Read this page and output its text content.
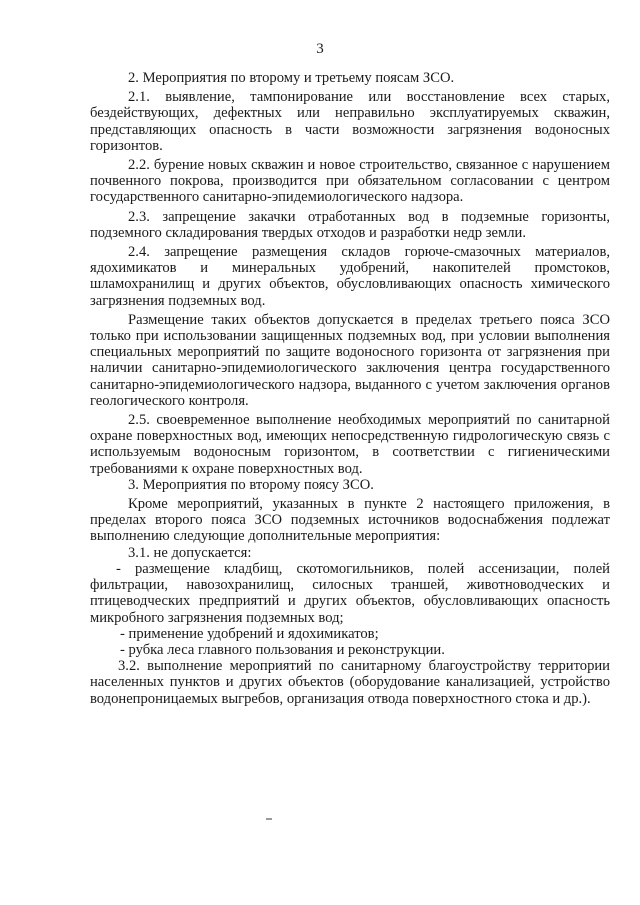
3

2. Мероприятия по второму и третьему поясам ЗСО.

2.1. выявление, тампонирование или восстановление всех старых, бездействующих, дефектных или неправильно эксплуатируемых скважин, представляющих опасность в части возможности загрязнения водоносных горизонтов.

2.2. бурение новых скважин и новое строительство, связанное с нарушением почвенного покрова, производится при обязательном согласовании с центром государственного санитарно-эпидемиологического надзора.

2.3. запрещение закачки отработанных вод в подземные горизонты, подземного складирования твердых отходов и разработки недр земли.

2.4. запрещение размещения складов горюче-смазочных материалов, ядохимикатов и минеральных удобрений, накопителей промстоков, шламохранилищ и других объектов, обусловливающих опасность химического загрязнения подземных вод.

Размещение таких объектов допускается в пределах третьего пояса ЗСО только при использовании защищенных подземных вод, при условии выполнения специальных мероприятий по защите водоносного горизонта от загрязнения при наличии санитарно-эпидемиологического заключения центра государственного санитарно-эпидемиологического надзора, выданного с учетом заключения органов геологического контроля.

2.5. своевременное выполнение необходимых мероприятий по санитарной охране поверхностных вод, имеющих непосредственную гидрологическую связь с используемым водоносным горизонтом, в соответствии с гигиеническими требованиями к охране поверхностных вод.

3. Мероприятия по второму поясу ЗСО.

Кроме мероприятий, указанных в пункте 2 настоящего приложения, в пределах второго пояса ЗСО подземных источников водоснабжения подлежат выполнению следующие дополнительные мероприятия:

3.1. не допускается:

- размещение кладбищ, скотомогильников, полей ассенизации, полей фильтрации, навозохранилищ, силосных траншей, животноводческих и птицеводческих предприятий и других объектов, обусловливающих опасность микробного загрязнения подземных вод;

- применение удобрений и ядохимикатов;

- рубка леса главного пользования и реконструкции.

3.2. выполнение мероприятий по санитарному благоустройству территории населенных пунктов и других объектов (оборудование канализацией, устройство водонепроницаемых выгребов, организация отвода поверхностного стока и др.).
